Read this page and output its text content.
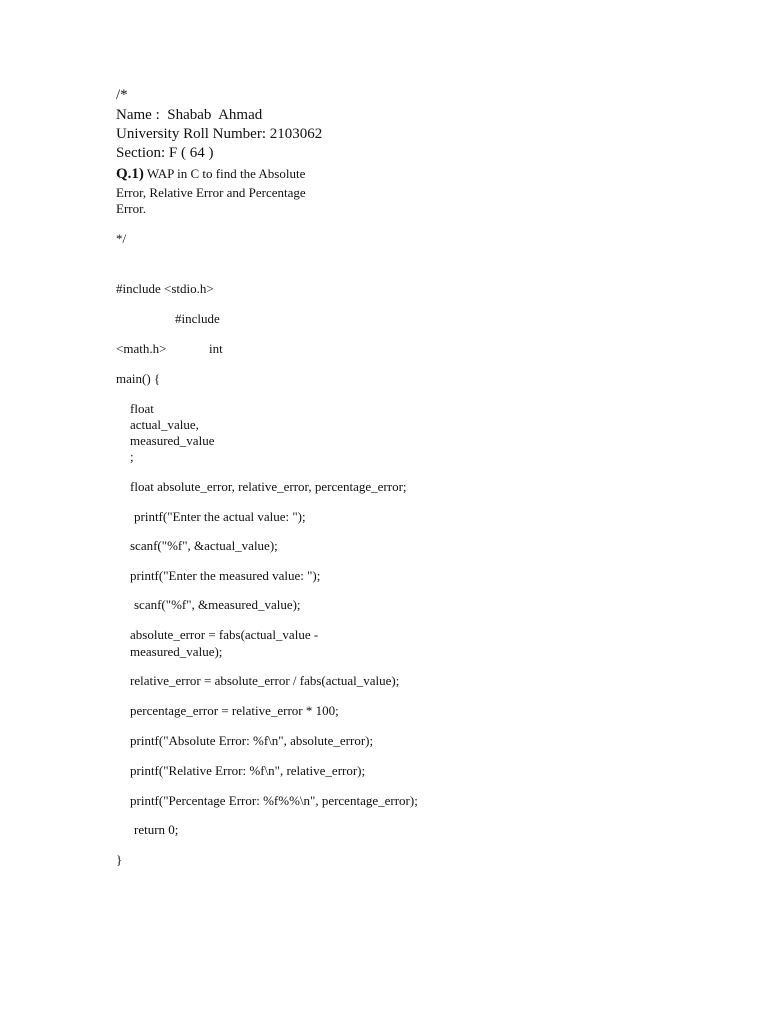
/*
Name :  Shabab  Ahmad
University Roll Number: 2103062
Section: F ( 64 )
Q.1) WAP in C to find the Absolute
Error, Relative Error and Percentage
Error.
*/
#include <stdio.h>
#include
<math.h>	int
main() {
float
actual_value,
measured_value
;
float absolute_error, relative_error, percentage_error;
printf("Enter the actual value: ");
scanf("%f", &actual_value);
printf("Enter the measured value: ");
scanf("%f", &measured_value);
absolute_error = fabs(actual_value -
measured_value);
relative_error = absolute_error / fabs(actual_value);
percentage_error = relative_error * 100;
printf("Absolute Error: %f\n", absolute_error);
printf("Relative Error: %f\n", relative_error);
printf("Percentage Error: %f%%\n", percentage_error);
return 0;
}
